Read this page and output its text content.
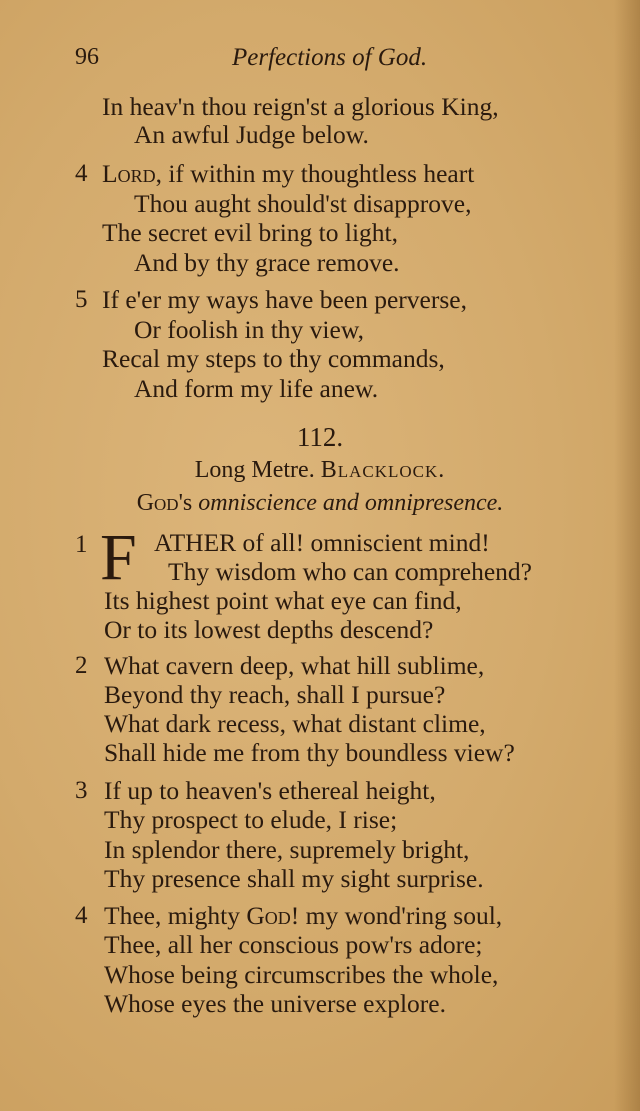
96	Perfections of God.
In heav'n thou reign'st a glorious King,
An awful Judge below.
4 Lord, if within my thoughtless heart
Thou aught should'st disapprove,
The secret evil bring to light,
And by thy grace remove.
5 If e'er my ways have been perverse,
Or foolish in thy view,
Recal my steps to thy commands,
And form my life anew.
112.
Long Metre. Blacklock.
God's omniscience and omnipresence.
1 F ATHER of all! omniscient mind!
Thy wisdom who can comprehend?
Its highest point what eye can find,
Or to its lowest depths descend?
2 What cavern deep, what hill sublime,
Beyond thy reach, shall I pursue?
What dark recess, what distant clime,
Shall hide me from thy boundless view?
3 If up to heaven's ethereal height,
Thy prospect to elude, I rise;
In splendor there, supremely bright,
Thy presence shall my sight surprise.
4 Thee, mighty God! my wond'ring soul,
Thee, all her conscious pow'rs adore;
Whose being circumscribes the whole,
Whose eyes the universe explore.
